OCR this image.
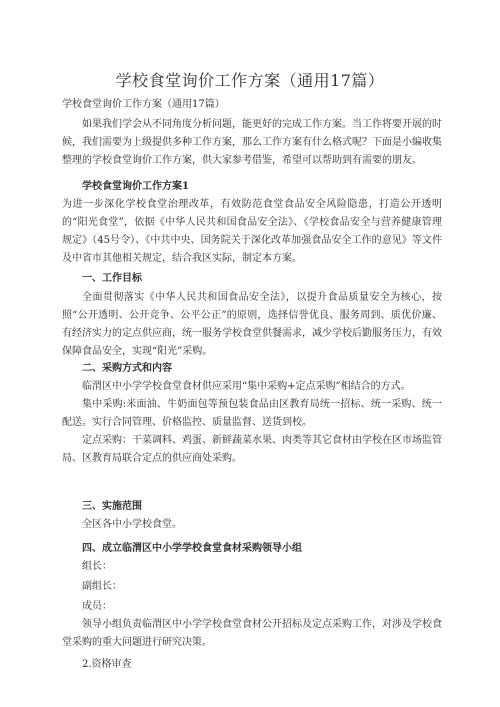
学校食堂询价工作方案（通用17篇）
学校食堂询价工作方案（通用17篇）

如果我们学会从不同角度分析问题，能更好的完成工作方案。当工作将要开展的时候，我们需要为上级提供多种工作方案，那么工作方案有什么格式呢？下面是小编收集整理的学校食堂询价工作方案，供大家参考借鉴，希望可以帮助到有需要的朋友。

学校食堂询价工作方案1

为进一步深化学校食堂治理改革，有效防范食堂食品安全风险隐患，打造公开透明的“阳光食堂”，依据《中华人民共和国食品安全法》、《学校食品安全与营养健康管理规定》（45号令）、《中共中央、国务院关于深化改革加强食品安全工作的意见》等文件及中省市其他相关规定，结合我区实际，制定本方案。

一、工作目标

全面贯彻落实《中华人民共和国食品安全法》，以提升食品质量安全为核心，按照“公开透明、公开竞争、公平公正”的原则，选择信誉优良、服务周到、质优价廉、有经济实力的定点供应商，统一服务学校食堂供餐需求，减少学校后勤服务压力，有效保障食品安全，实现“阳光”采购。

二、采购方式和内容

临渭区中小学学校食堂食材供应采用“集中采购+定点采购”相结合的方式。

集中采购:米面油、牛奶面包等预包装食品由区教育局统一招标、统一采购、统一配送。实行合同管理、价格监控、质量监督、送货到校。

定点采购：干菜调料、鸡蛋、新鲜蔬菜水果、肉类等其它食材由学校在区市场监管局、区教育局联合定点的供应商处采购。

三、实施范围

全区各中小学校食堂。

四、成立临渭区中小学学校食堂食材采购领导小组
组长：
副组长：
成员：

领导小组负责临渭区中小学学校食堂食材公开招标及定点采购工作，对涉及学校食堂采购的重大问题进行研究决策。

2.资格审查
